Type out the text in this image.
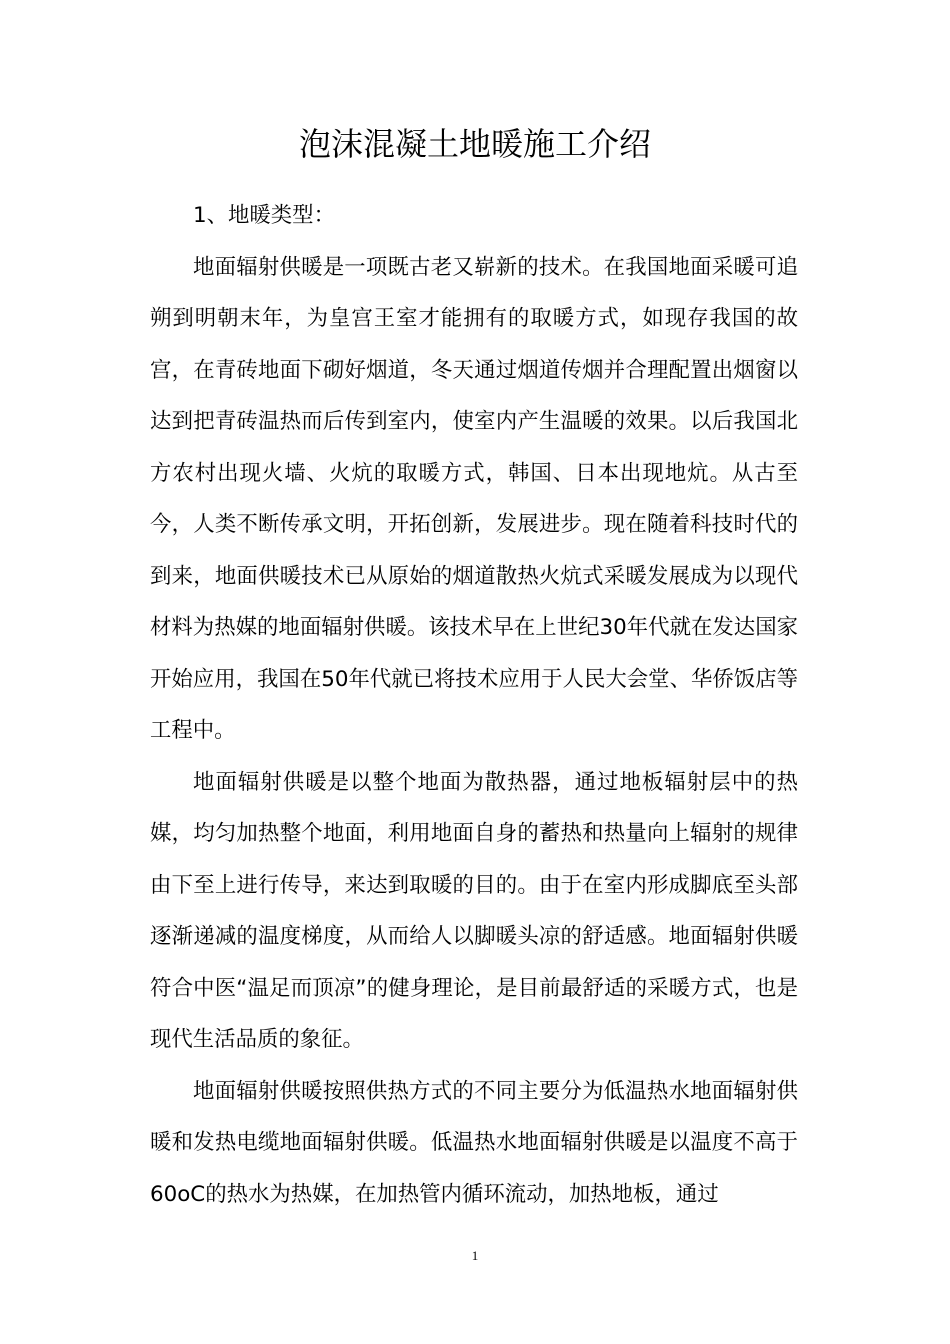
泡沫混凝土地暖施工介绍

1、地暖类型：

地面辐射供暖是一项既古老又崭新的技术。在我国地面采暖可追朔到明朝末年，为皇宫王室才能拥有的取暖方式，如现存我国的故宫，在青砖地面下砌好烟道，冬天通过烟道传烟并合理配置出烟窗以达到把青砖温热而后传到室内，使室内产生温暖的效果。以后我国北方农村出现火墙、火炕的取暖方式，韩国、日本出现地炕。从古至今，人类不断传承文明，开拓创新，发展进步。现在随着科技时代的到来，地面供暖技术已从原始的烟道散热火炕式采暖发展成为以现代材料为热媒的地面辐射供暖。该技术早在上世纪30年代就在发达国家开始应用，我国在50年代就已将技术应用于人民大会堂、华侨饭店等工程中。

地面辐射供暖是以整个地面为散热器，通过地板辐射层中的热媒，均匀加热整个地面，利用地面自身的蓄热和热量向上辐射的规律由下至上进行传导，来达到取暖的目的。由于在室内形成脚底至头部逐渐递减的温度梯度，从而给人以脚暖头凉的舒适感。地面辐射供暖符合中医“温足而顶凉”的健身理论，是目前最舒适的采暖方式，也是现代生活品质的象征。

地面辐射供暖按照供热方式的不同主要分为低温热水地面辐射供暖和发热电缆地面辐射供暖。低温热水地面辐射供暖是以温度不高于60oC的热水为热媒，在加热管内循环流动，加热地板，通过

1
